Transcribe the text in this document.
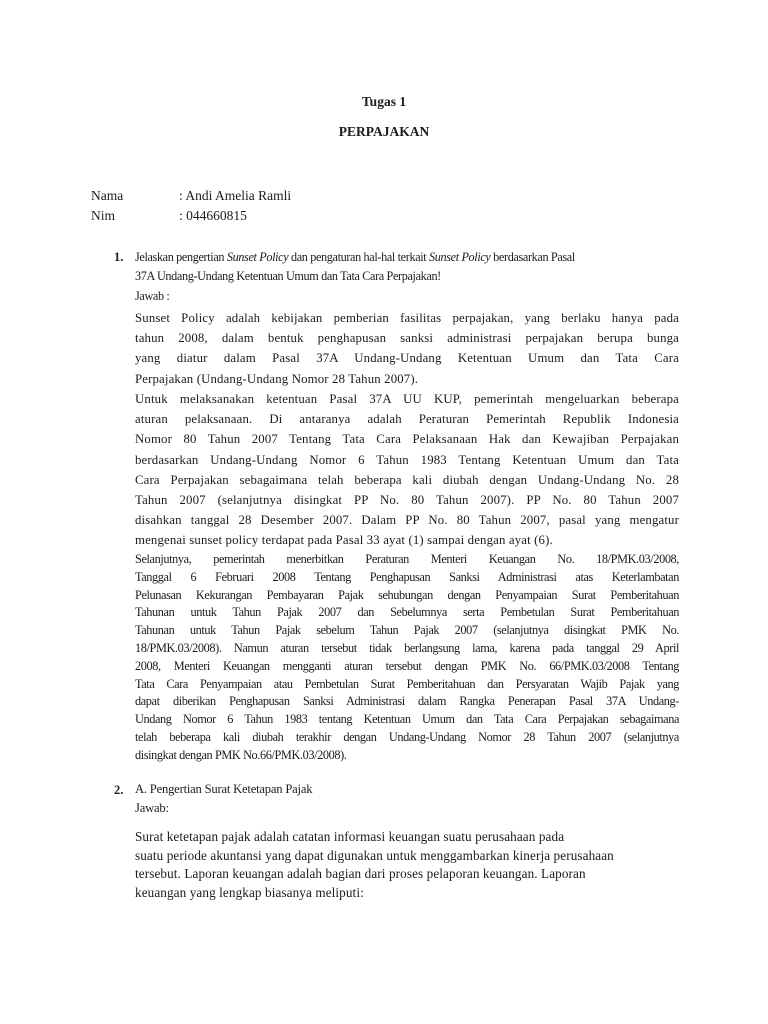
Tugas 1
PERPAJAKAN
Nama	: Andi Amelia Ramli
Nim	: 044660815
1. Jelaskan pengertian Sunset Policy dan pengaturan hal-hal terkait Sunset Policy berdasarkan Pasal
37A Undang-Undang Ketentuan Umum dan Tata Cara Perpajakan!
Jawab :
Sunset Policy adalah kebijakan pemberian fasilitas perpajakan, yang berlaku hanya pada
tahun 2008, dalam bentuk penghapusan sanksi administrasi perpajakan berupa bunga
yang diatur dalam Pasal 37A Undang-Undang Ketentuan Umum dan Tata Cara
Perpajakan (Undang-Undang Nomor 28 Tahun 2007).
Untuk melaksanakan ketentuan Pasal 37A UU KUP, pemerintah mengeluarkan beberapa
aturan pelaksanaan. Di antaranya adalah Peraturan Pemerintah Republik Indonesia
Nomor 80 Tahun 2007 Tentang Tata Cara Pelaksanaan Hak dan Kewajiban Perpajakan
berdasarkan Undang-Undang Nomor 6 Tahun 1983 Tentang Ketentuan Umum dan Tata
Cara Perpajakan sebagaimana telah beberapa kali diubah dengan Undang-Undang No. 28
Tahun 2007 (selanjutnya disingkat PP No. 80 Tahun 2007). PP No. 80 Tahun 2007
disahkan tanggal 28 Desember 2007. Dalam PP No. 80 Tahun 2007, pasal yang mengatur
mengenai sunset policy terdapat pada Pasal 33 ayat (1) sampai dengan ayat (6).
Selanjutnya, pemerintah menerbitkan Peraturan Menteri Keuangan No. 18/PMK.03/2008,
Tanggal 6 Februari 2008 Tentang Penghapusan Sanksi Administrasi atas Keterlambatan
Pelunasan Kekurangan Pembayaran Pajak sehubungan dengan Penyampaian Surat Pemberitahuan
Tahunan untuk Tahun Pajak 2007 dan Sebelumnya serta Pembetulan Surat Pemberitahuan
Tahunan untuk Tahun Pajak sebelum Tahun Pajak 2007 (selanjutnya disingkat PMK No.
18/PMK.03/2008). Namun aturan tersebut tidak berlangsung lama, karena pada tanggal 29 April
2008, Menteri Keuangan mengganti aturan tersebut dengan PMK No. 66/PMK.03/2008 Tentang
Tata Cara Penyampaian atau Pembetulan Surat Pemberitahuan dan Persyaratan Wajib Pajak yang
dapat diberikan Penghapusan Sanksi Administrasi dalam Rangka Penerapan Pasal 37A Undang-
Undang Nomor 6 Tahun 1983 tentang Ketentuan Umum dan Tata Cara Perpajakan sebagaimana
telah beberapa kali diubah terakhir dengan Undang-Undang Nomor 28 Tahun 2007 (selanjutnya
disingkat dengan PMK No.66/PMK.03/2008).
2. A. Pengertian Surat Ketetapan Pajak
Jawab:
Surat ketetapan pajak adalah catatan informasi keuangan suatu perusahaan pada
suatu periode akuntansi yang dapat digunakan untuk menggambarkan kinerja perusahaan
tersebut. Laporan keuangan adalah bagian dari proses pelaporan keuangan. Laporan
keuangan yang lengkap biasanya meliputi:
